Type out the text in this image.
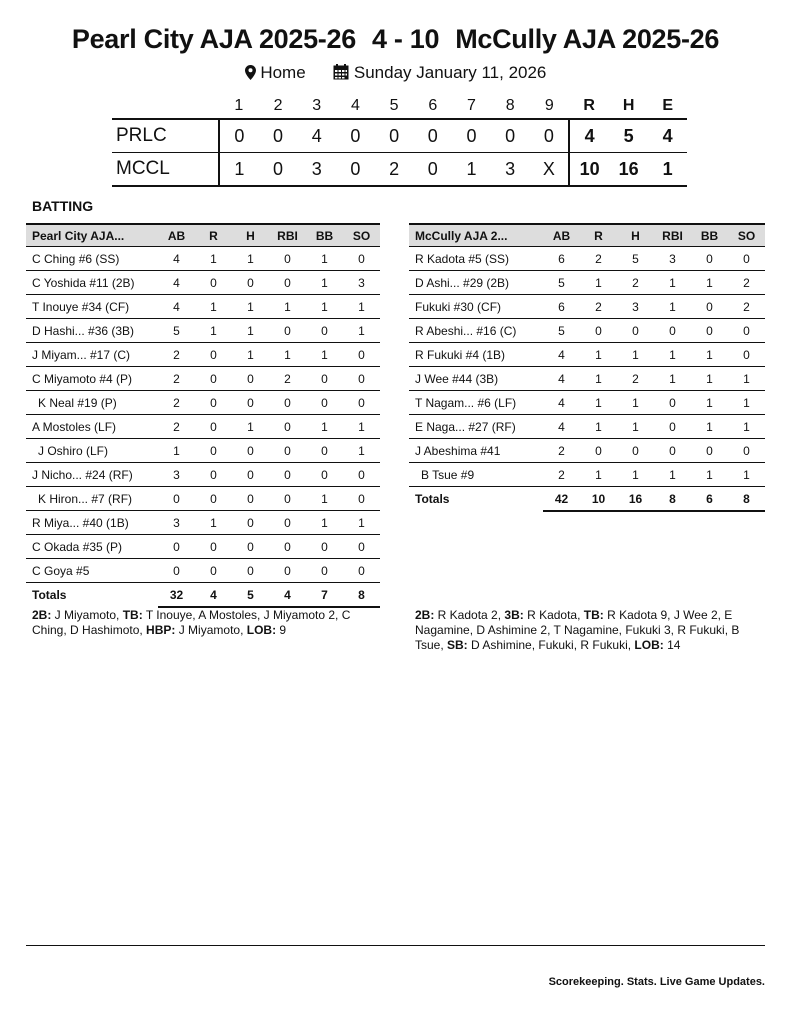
Pearl City AJA 2025-26 4 - 10 McCully AJA 2025-26
Home	Sunday January 11, 2026
	1	2	3	4	5	6	7	8	9	R	H	E
PRLC	0	0	4	0	0	0	0	0	0	4	5	4
MCCL	1	0	3	0	2	0	1	3	X	10	16	1
BATTING
Pearl City AJA...	AB	R	H	RBI	BB	SO
C Ching #6 (SS)	4	1	1	0	1	0
C Yoshida #11 (2B)	4	0	0	0	1	3
T Inouye #34 (CF)	4	1	1	1	1	1
D Hashi... #36 (3B)	5	1	1	0	0	1
J Miyam... #17 (C)	2	0	1	1	1	0
C Miyamoto #4 (P)	2	0	0	2	0	0
K Neal #19 (P)	2	0	0	0	0	0
A Mostoles (LF)	2	0	1	0	1	1
J Oshiro (LF)	1	0	0	0	0	1
J Nicho... #24 (RF)	3	0	0	0	0	0
K Hiron... #7 (RF)	0	0	0	0	1	0
R Miya... #40 (1B)	3	1	0	0	1	1
C Okada #35 (P)	0	0	0	0	0	0
C Goya #5	0	0	0	0	0	0
Totals	32	4	5	4	7	8
McCully AJA 2...	AB	R	H	RBI	BB	SO
R Kadota #5 (SS)	6	2	5	3	0	0
D Ashi... #29 (2B)	5	1	2	1	1	2
Fukuki #30 (CF)	6	2	3	1	0	2
R Abeshi... #16 (C)	5	0	0	0	0	0
R Fukuki #4 (1B)	4	1	1	1	1	0
J Wee #44 (3B)	4	1	2	1	1	1
T Nagam... #6 (LF)	4	1	1	0	1	1
E Naga... #27 (RF)	4	1	1	0	1	1
J Abeshima #41	2	0	0	0	0	0
B Tsue #9	2	1	1	1	1	1
Totals	42	10	16	8	6	8
2B: J Miyamoto, TB: T Inouye, A Mostoles, J Miyamoto 2, C Ching, D Hashimoto, HBP: J Miyamoto, LOB: 9
2B: R Kadota 2, 3B: R Kadota, TB: R Kadota 9, J Wee 2, E Nagamine, D Ashimine 2, T Nagamine, Fukuki 3, R Fukuki, B Tsue, SB: D Ashimine, Fukuki, R Fukuki, LOB: 14
Scorekeeping. Stats. Live Game Updates.
